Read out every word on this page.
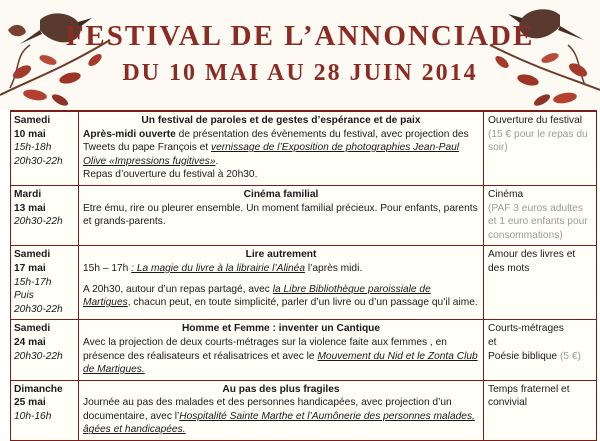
FESTIVAL DE L’ANNONCIADE
DU 10 MAI AU 28 JUIN 2014
Samedi
10 mai
15h-18h
20h30-22h
Un festival de paroles et de gestes d’espérance et de paix

Après-midi ouverte de présentation des évènements du festival, avec projection des Tweets du pape François et vernissage de l’Exposition de photographies Jean-Paul Olive «Impressions fugitives».

Repas d’ouverture du festival à 20h30.

Ouverture du festival
(15 € pour le repas du soir)
Mardi
13 mai
20h30-22h
Cinéma familial

Etre ému, rire ou pleurer ensemble. Un moment familial précieux. Pour enfants, parents et grands-parents.

Cinéma
(PAF 3 euros adultes et 1 euro enfants pour consommations)
Samedi
17 mai
15h-17h
Puis
20h30-22h
Lire autrement

15h – 17h : La magie du livre à la librairie l’Alinéa l’après midi.

A 20h30, autour d’un repas partagé, avec la Libre Bibliothèque paroissiale de Martigues, chacun peut, en toute simplicité, parler d’un livre ou d’un passage qu’il aime.

Amour des livres et des mots
Samedi
24 mai
20h30-22h
Homme et Femme : inventer un Cantique

Avec la projection de deux courts-métrages sur la violence faite aux femmes , en présence des réalisateurs et réalisatrices et avec le Mouvement du Nid et le Zonta Club de Martigues.

Courts-métrages
et
Poésie biblique (5 €)
Dimanche
25 mai
10h-16h
Au pas des plus fragiles

Journée au pas des malades et des personnes handicapées, avec projection d’un documentaire, avec l’Hospitalité Sainte Marthe et l’Aumônerie des personnes malades, âgées et handicapées.

Temps fraternel et convivial
